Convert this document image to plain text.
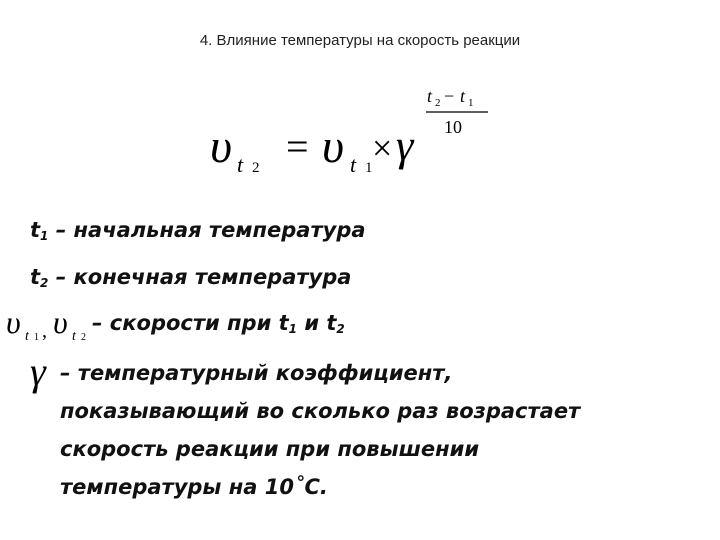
4. Влияние температуры на скорость реакции
t 2 − t 1
10
υ t 2 = υ t 1 × γ
$t_1$ – начальная температура
$t_2$ – конечная температура
υ t 1 , υ t 2
– скорости при $t_1$ и $t_2$
γ – температурный коэффициент,
показывающий во сколько раз возрастает
скорость реакции при повышении
температуры на 10˚С.
